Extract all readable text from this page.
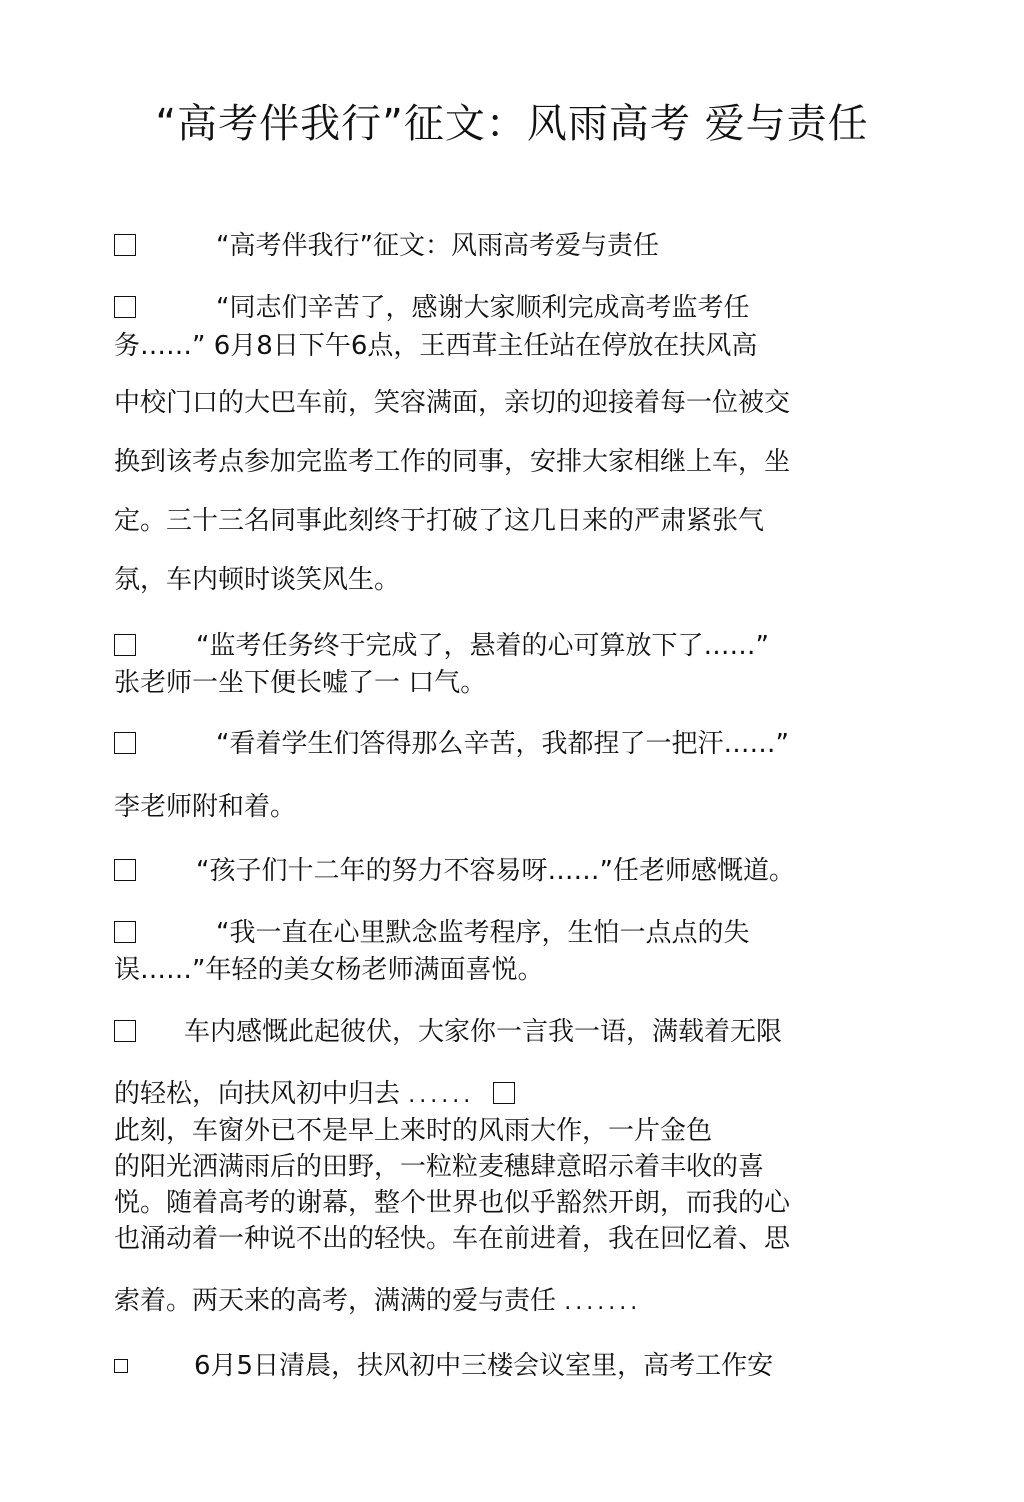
“高考伴我行”征文：风雨高考 爱与责任
“高考伴我行”征文：风雨高考爱与责任
“同志们辛苦了，感谢大家顺利完成高考监考任
务……” 6月8日下午6点，王西茸主任站在停放在扶风高
中校门口的大巴车前，笑容满面，亲切的迎接着每一位被交
换到该考点参加完监考工作的同事，安排大家相继上车，坐
定。三十三名同事此刻终于打破了这几日来的严肃紧张气
氛，车内顿时谈笑风生。
“监考任务终于完成了，悬着的心可算放下了……”
张老师一坐下便长嘘了一 口气。
“看着学生们答得那么辛苦，我都捏了一把汗……”
李老师附和着。
“孩子们十二年的努力不容易呀……”任老师感慨道。
“我一直在心里默念监考程序，生怕一点点的失
误……”年轻的美女杨老师满面喜悦。
车内感慨此起彼伏，大家你一言我一语，满载着无限
的轻松，向扶风初中归去 ......
此刻，车窗外已不是早上来时的风雨大作，一片金色
的阳光洒满雨后的田野，一粒粒麦穗肆意昭示着丰收的喜
悦。随着高考的谢幕，整个世界也似乎豁然开朗，而我的心
也涌动着一种说不出的轻快。车在前进着，我在回忆着、思
索着。两天来的高考，满满的爱与责任 .......
6月5日清晨，扶风初中三楼会议室里，高考工作安
